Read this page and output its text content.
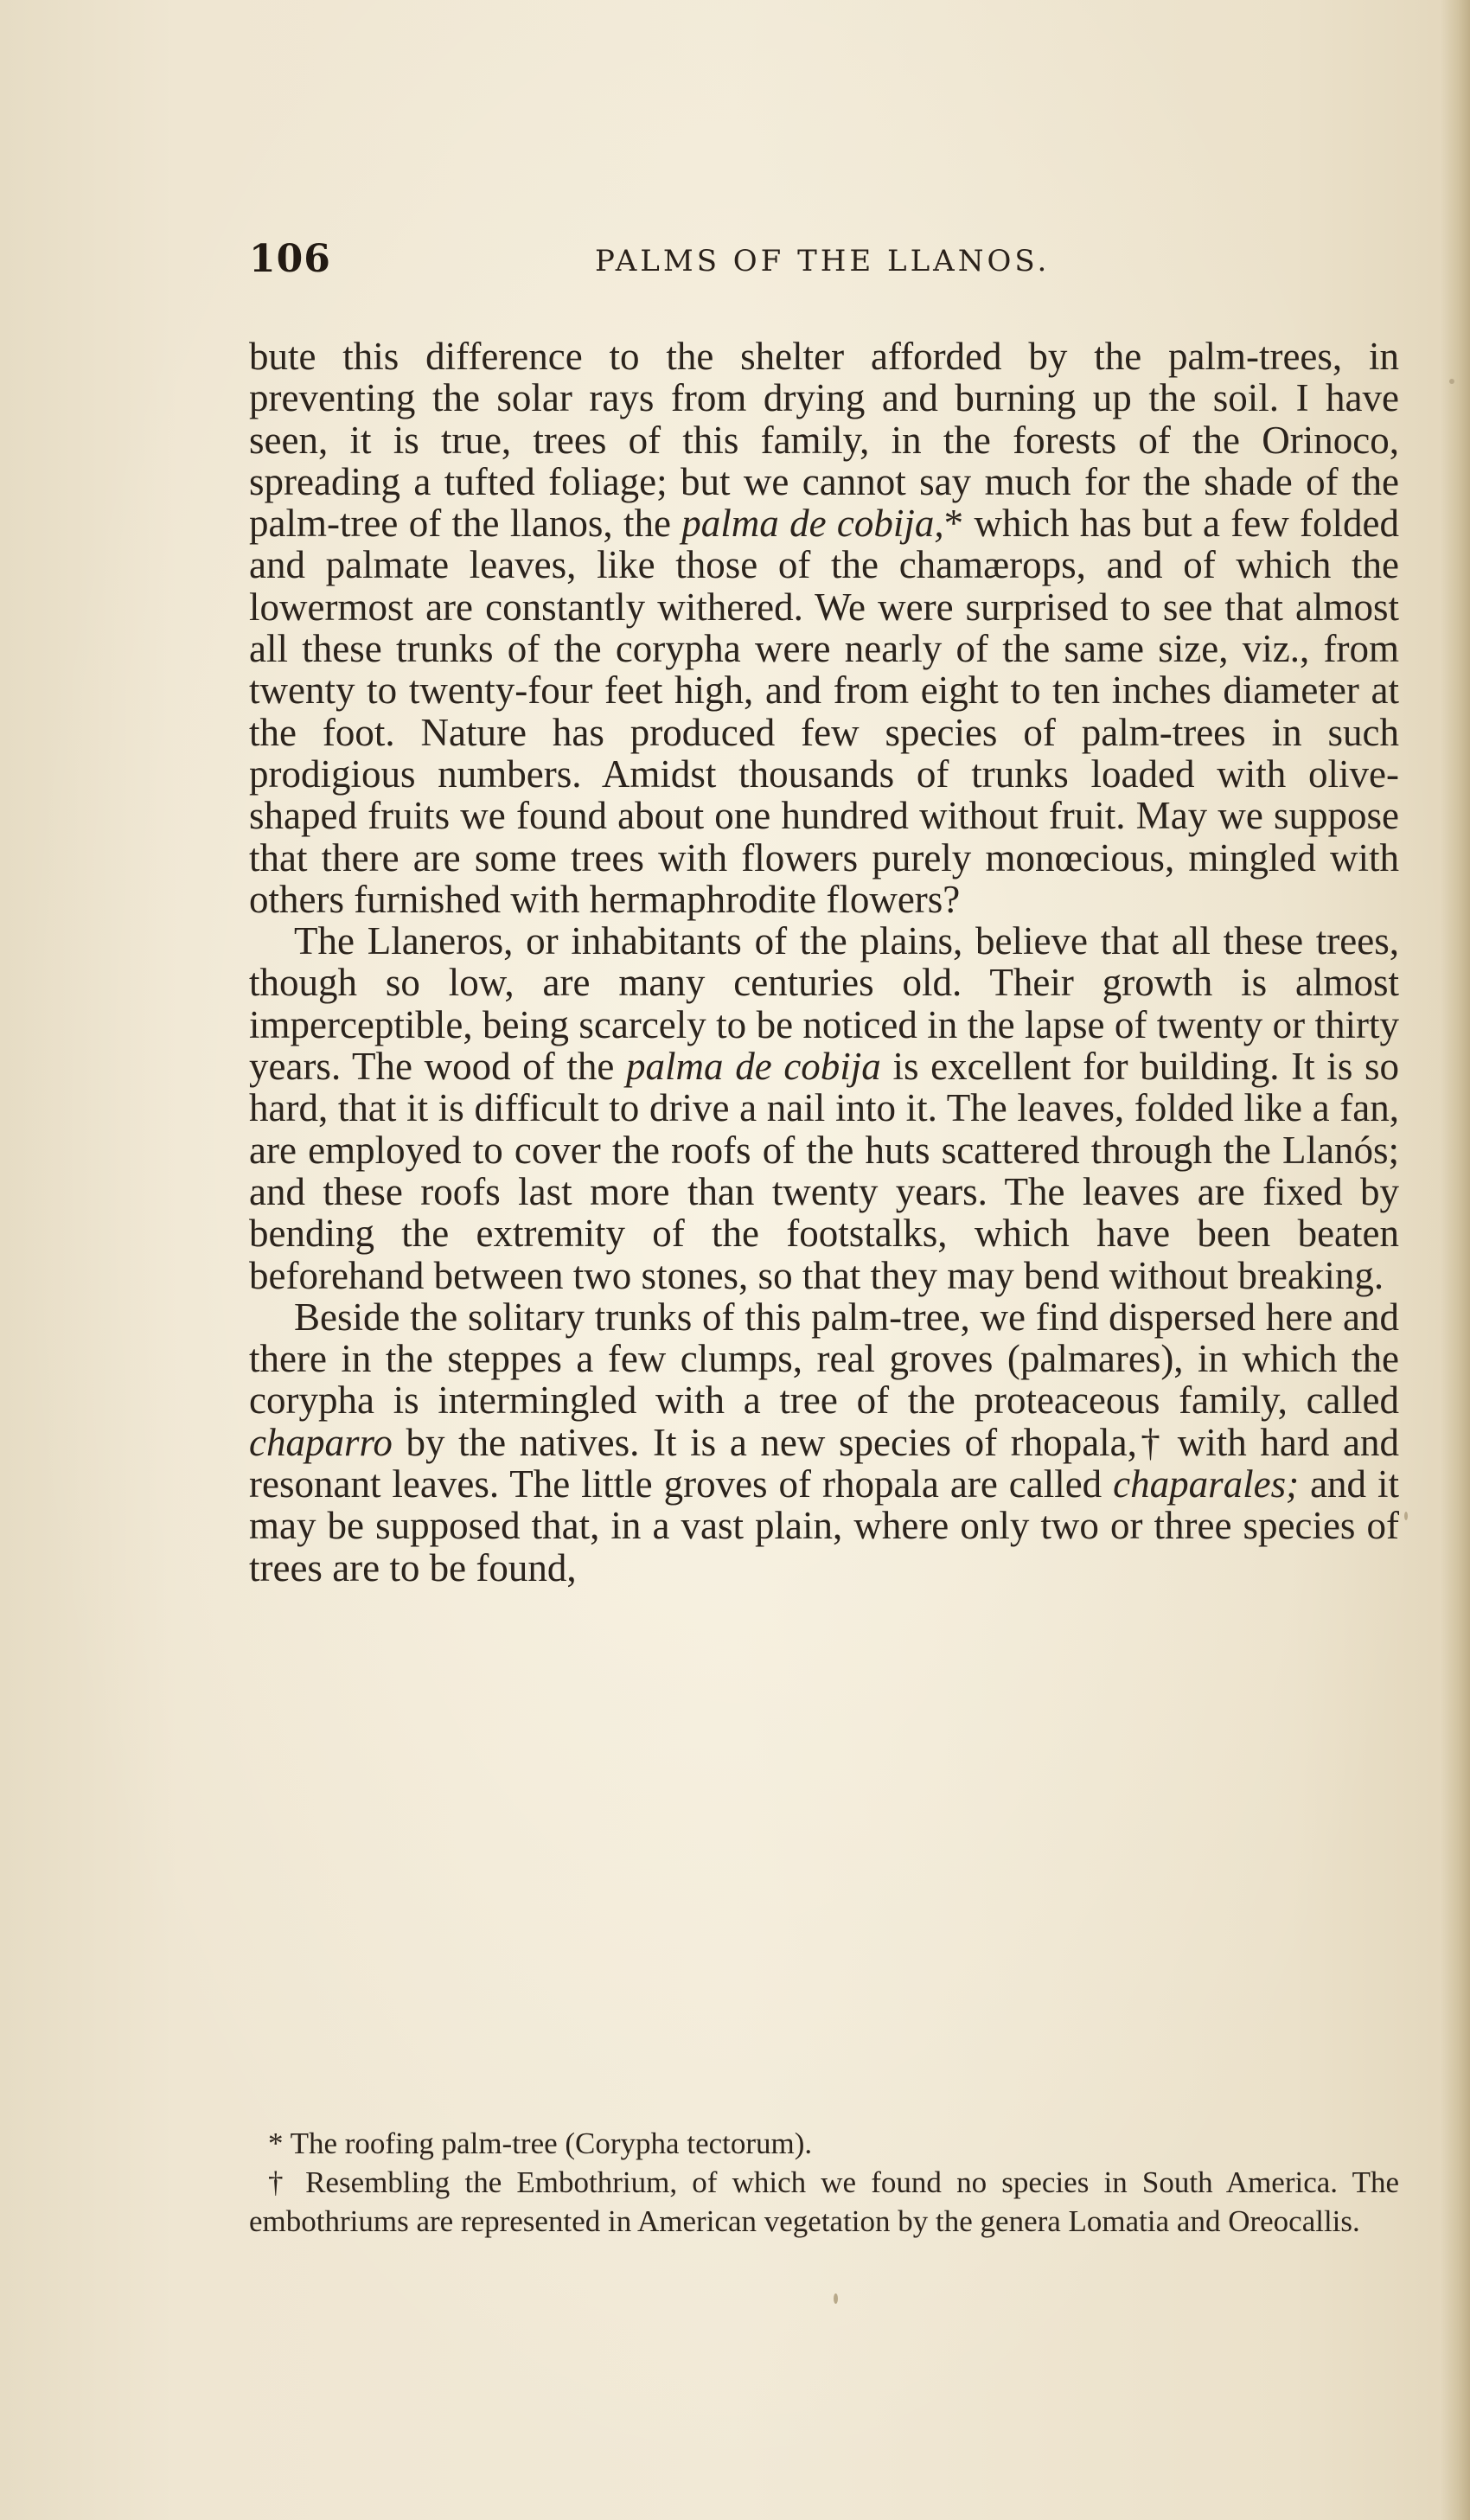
106	PALMS OF THE LLANOS.

bute this difference to the shelter afforded by the palm-trees, in preventing the solar rays from drying and burning up the soil. I have seen, it is true, trees of this family, in the forests of the Orinoco, spreading a tufted foliage; but we cannot say much for the shade of the palm-tree of the llanos, the palma de cobija,* which has but a few folded and palmate leaves, like those of the chamærops, and of which the lowermost are constantly withered. We were surprised to see that almost all these trunks of the corypha were nearly of the same size, viz., from twenty to twenty-four feet high, and from eight to ten inches diameter at the foot. Nature has produced few species of palm-trees in such prodigious numbers. Amidst thousands of trunks loaded with olive-shaped fruits we found about one hundred without fruit. May we suppose that there are some trees with flowers purely monœcious, mingled with others furnished with hermaphrodite flowers?

The Llaneros, or inhabitants of the plains, believe that all these trees, though so low, are many centuries old. Their growth is almost imperceptible, being scarcely to be noticed in the lapse of twenty or thirty years. The wood of the palma de cobija is excellent for building. It is so hard, that it is difficult to drive a nail into it. The leaves, folded like a fan, are employed to cover the roofs of the huts scattered through the Llanós; and these roofs last more than twenty years. The leaves are fixed by bending the extremity of the footstalks, which have been beaten beforehand between two stones, so that they may bend without breaking.

Beside the solitary trunks of this palm-tree, we find dispersed here and there in the steppes a few clumps, real groves (palmares), in which the corypha is intermingled with a tree of the proteaceous family, called chaparro by the natives. It is a new species of rhopala,† with hard and resonant leaves. The little groves of rhopala are called chaparales; and it may be supposed that, in a vast plain, where only two or three species of trees are to be found,

* The roofing palm-tree (Corypha tectorum).

† Resembling the Embothrium, of which we found no species in South America. The embothriums are represented in American vegetation by the genera Lomatia and Oreocallis.
